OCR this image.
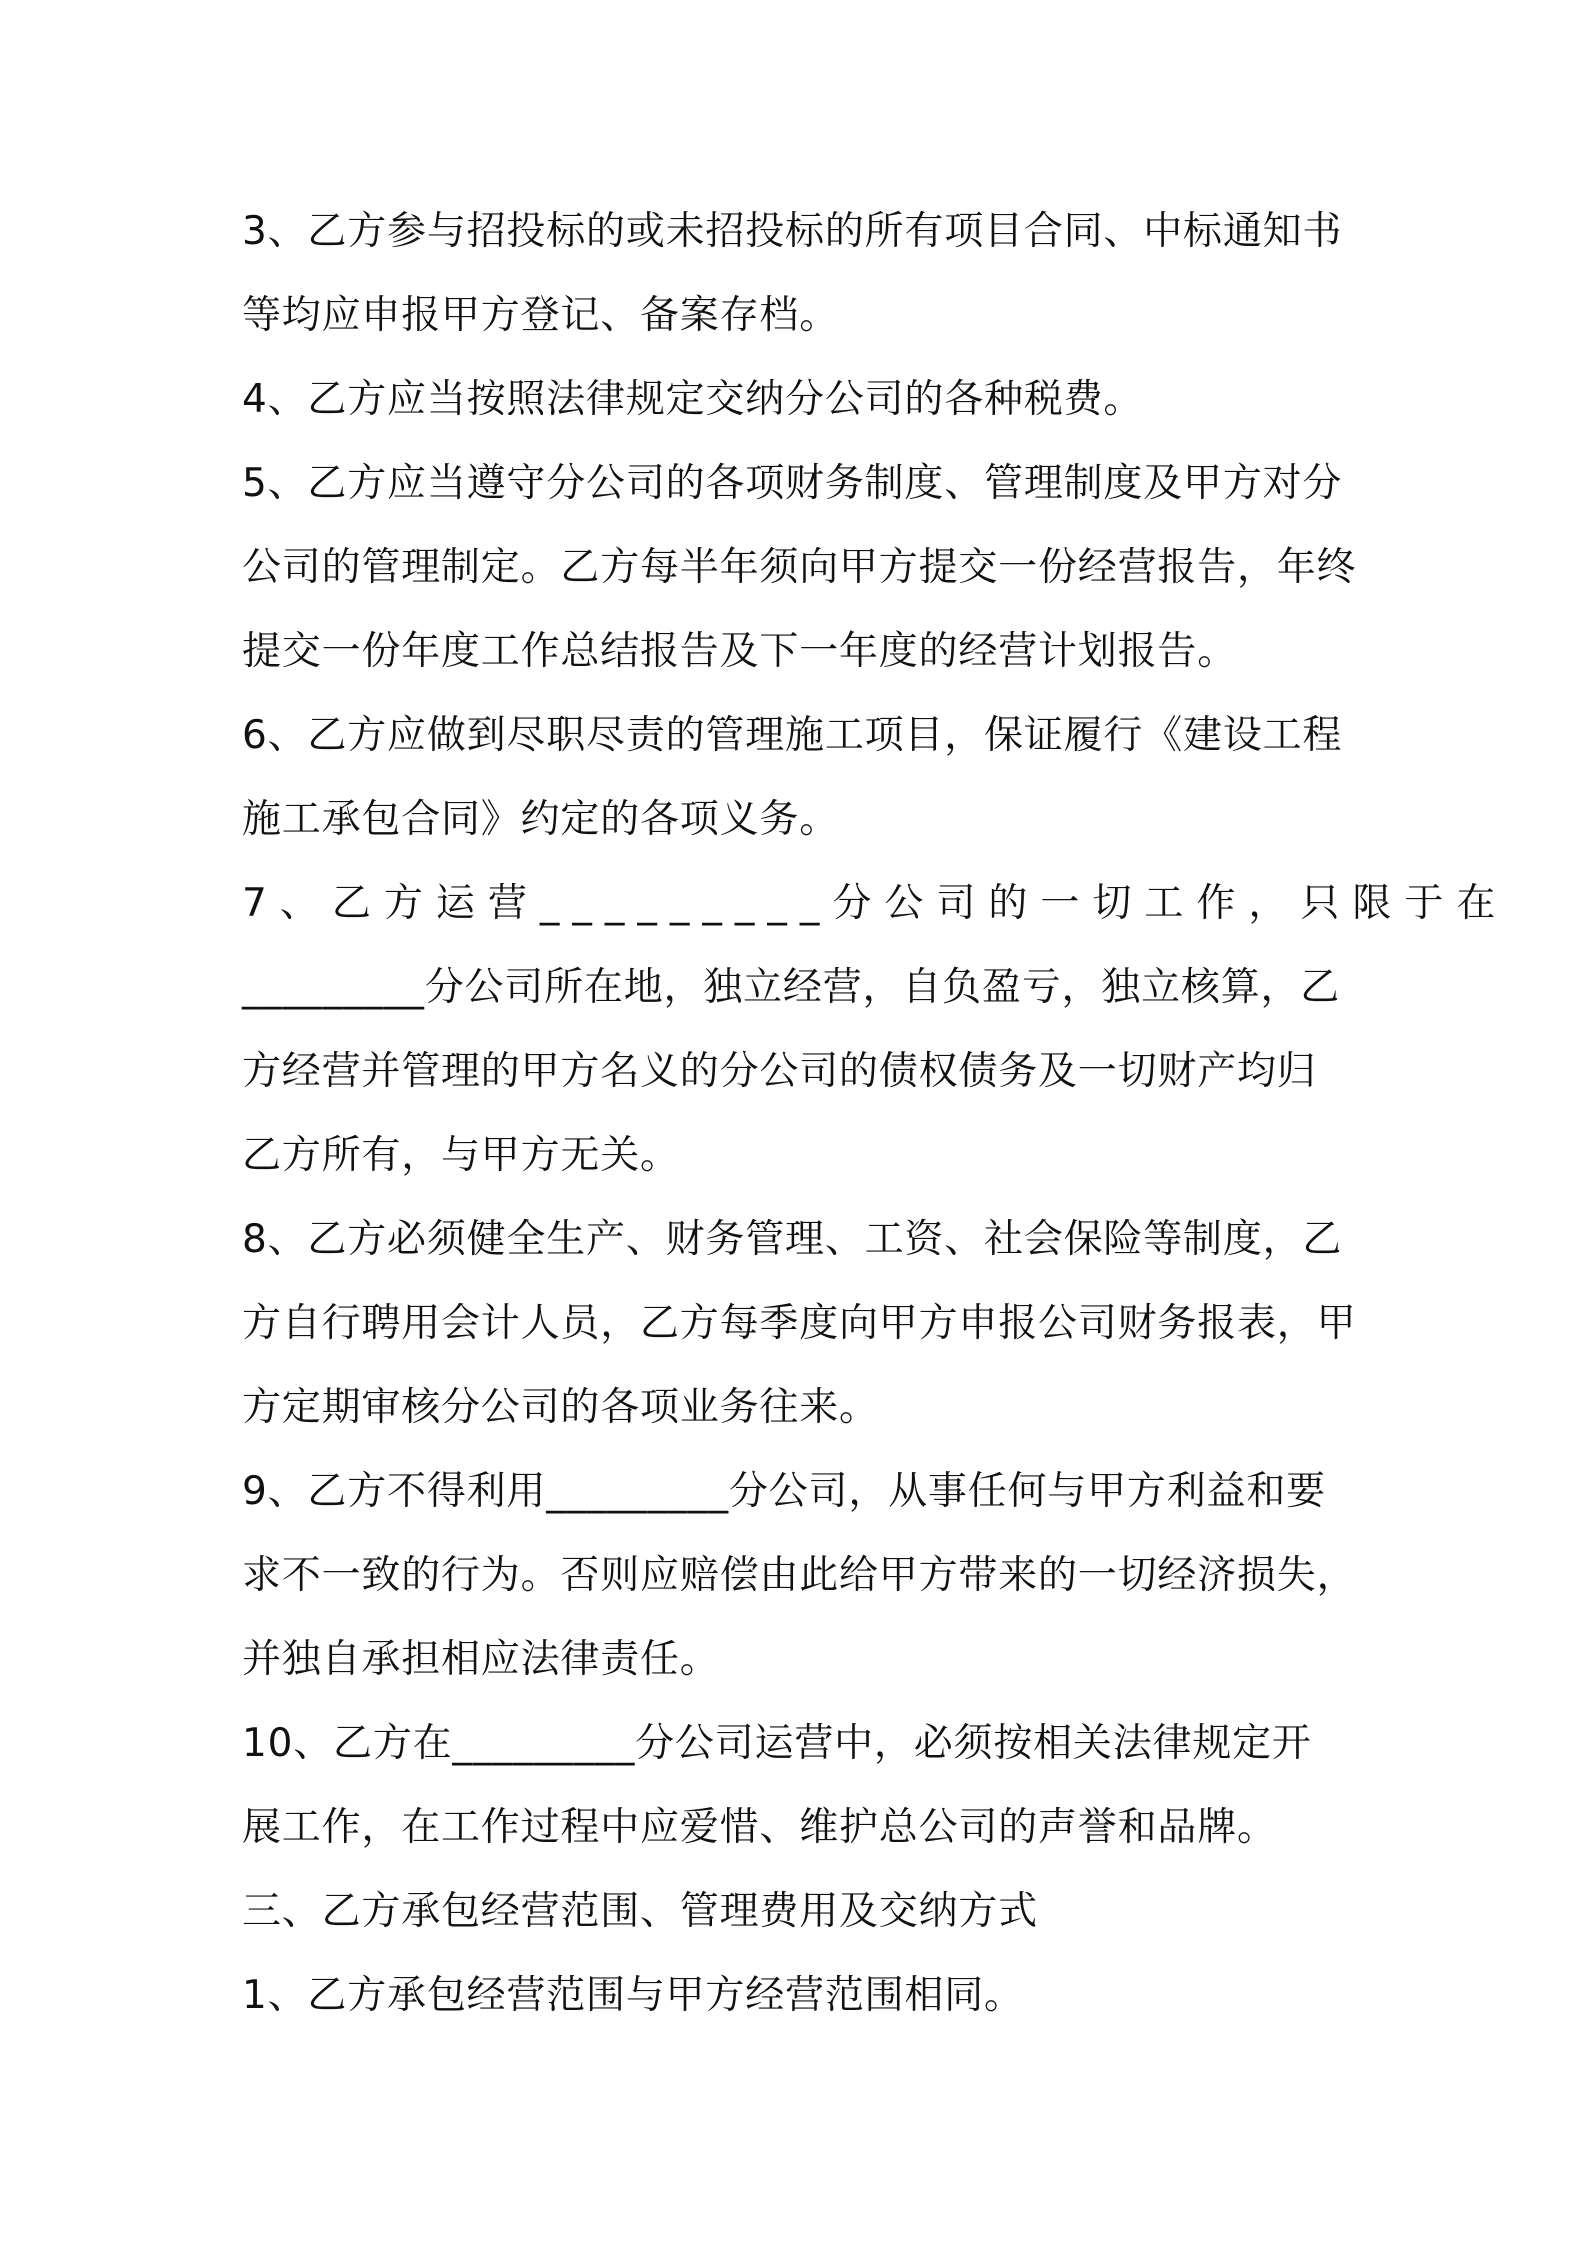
3、乙方参与招投标的或未招投标的所有项目合同、中标通知书
等均应申报甲方登记、备案存档。
4、乙方应当按照法律规定交纳分公司的各种税费。
5、乙方应当遵守分公司的各项财务制度、管理制度及甲方对分
公司的管理制定。乙方每半年须向甲方提交一份经营报告，年终
提交一份年度工作总结报告及下一年度的经营计划报告。
6、乙方应做到尽职尽责的管理施工项目，保证履行《建设工程
施工承包合同》约定的各项义务。
7、乙方运营_________分公司的一切工作，只限于在
_________分公司所在地，独立经营，自负盈亏，独立核算，乙
方经营并管理的甲方名义的分公司的债权债务及一切财产均归
乙方所有，与甲方无关。
8、乙方必须健全生产、财务管理、工资、社会保险等制度，乙
方自行聘用会计人员，乙方每季度向甲方申报公司财务报表，甲
方定期审核分公司的各项业务往来。
9、乙方不得利用_________分公司，从事任何与甲方利益和要
求不一致的行为。否则应赔偿由此给甲方带来的一切经济损失，
并独自承担相应法律责任。
10、乙方在_________分公司运营中，必须按相关法律规定开
展工作，在工作过程中应爱惜、维护总公司的声誉和品牌。
三、乙方承包经营范围、管理费用及交纳方式
1、乙方承包经营范围与甲方经营范围相同。
